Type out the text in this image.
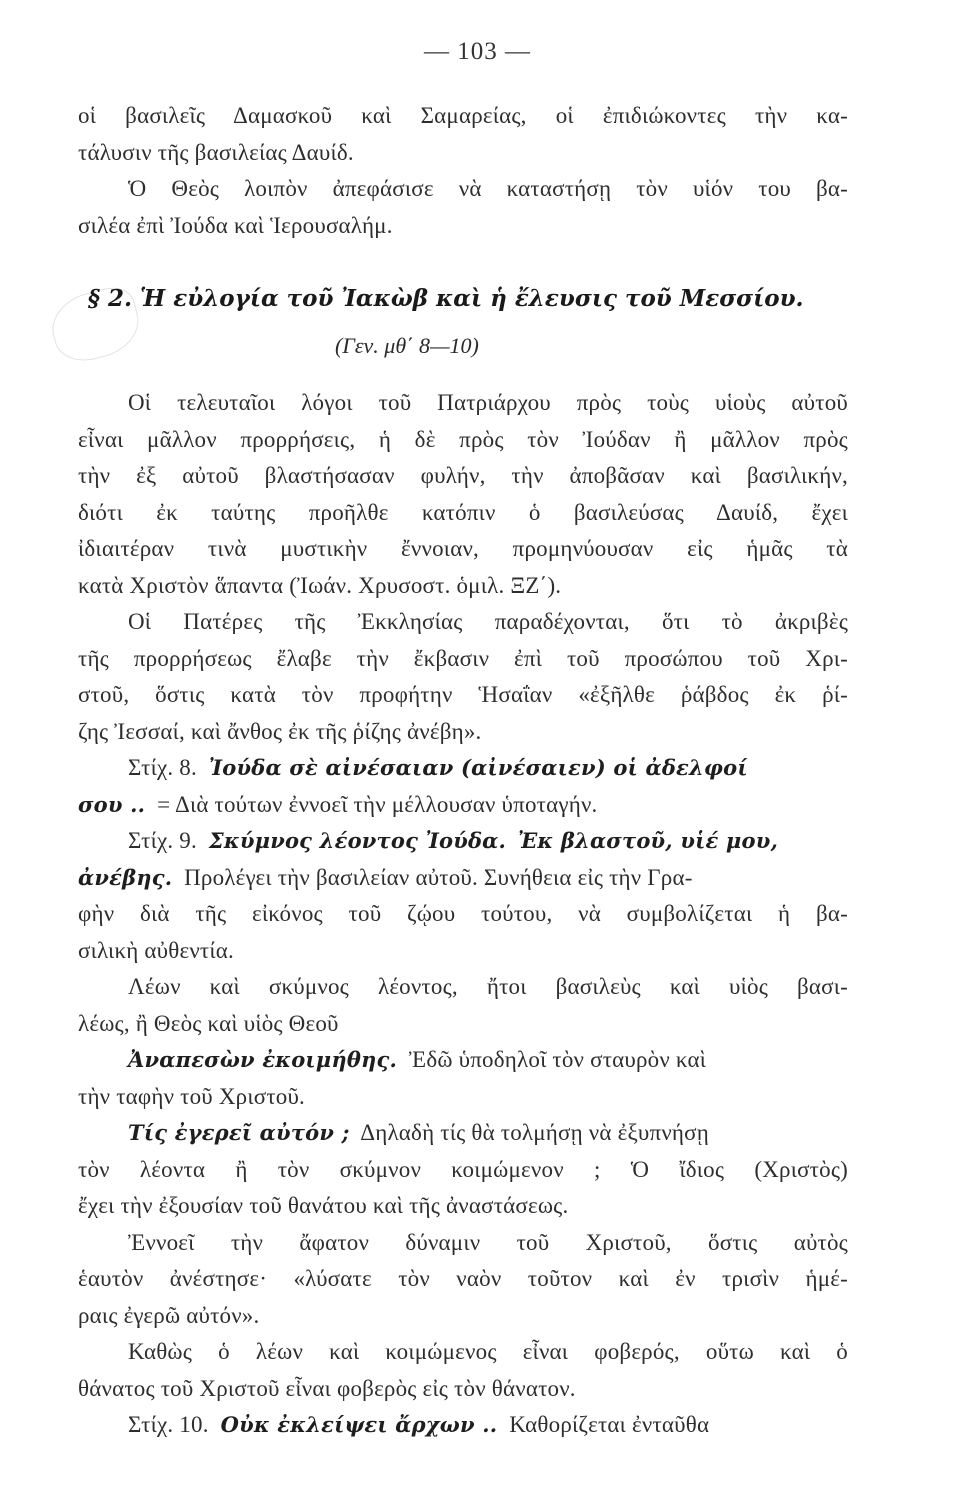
— 103 —
οἱ βασιλεῖς Δαμασκοῦ καὶ Σαμαρείας, οἱ ἐπιδιώκοντες τὴν κα-
τάλυσιν τῆς βασιλείας Δαυίδ.
Ὁ Θεὸς λοιπὸν ἀπεφάσισε νὰ καταστήσῃ τὸν υἱόν του βα-
σιλέα ἐπὶ Ἰούδα καὶ Ἱερουσαλήμ.
§ 2. Ἡ εὐλογία τοῦ Ἰακὼβ καὶ ἡ ἔλευσις τοῦ Μεσσίου.
(Γεν. μθ΄ 8—10)
Οἱ τελευταῖοι λόγοι τοῦ Πατριάρχου πρὸς τοὺς υἱοὺς αὐτοῦ
εἶναι μᾶλλον προρρήσεις, ἡ δὲ πρὸς τὸν Ἰούδαν ἢ μᾶλλον πρὸς
τὴν ἐξ αὐτοῦ βλαστήσασαν φυλήν, τὴν ἀποβᾶσαν καὶ βασιλικήν,
διότι ἐκ ταύτης προῆλθε κατόπιν ὁ βασιλεύσας Δαυίδ, ἔχει
ἰδιαιτέραν τινὰ μυστικὴν ἔννοιαν, προμηνύουσαν εἰς ἡμᾶς τὰ
κατὰ Χριστὸν ἅπαντα (Ἰωάν. Χρυσοστ. ὁμιλ. ΞΖ΄).
Οἱ Πατέρες τῆς Ἐκκλησίας παραδέχονται, ὅτι τὸ ἀκριβὲς
τῆς προρρήσεως ἔλαβε τὴν ἔκβασιν ἐπὶ τοῦ προσώπου τοῦ Χρι-
στοῦ, ὅστις κατὰ τὸν προφήτην Ἡσαΐαν «ἐξῆλθε ῥάβδος ἐκ ῥί-
ζης Ἰεσσαί, καὶ ἄνθος ἐκ τῆς ῥίζης ἀνέβη».
Στίχ. 8. Ἰούδα σὲ αἰνέσαιαν (αἰνέσαιεν) οἱ ἀδελφοί
σου .. = Διὰ τούτων ἐννοεῖ τὴν μέλλουσαν ὑποταγήν.
Στίχ. 9. Σκύμνος λέοντος Ἰούδα. Ἐκ βλαστοῦ, υἱέ μου,
ἀνέβης. Προλέγει τὴν βασιλείαν αὐτοῦ. Συνήθεια εἰς τὴν Γρα-
φὴν διὰ τῆς εἰκόνος τοῦ ζῴου τούτου, νὰ συμβολίζεται ἡ βα-
σιλικὴ αὐθεντία.
Λέων καὶ σκύμνος λέοντος, ἤτοι βασιλεὺς καὶ υἱὸς βασι-
λέως, ἢ Θεὸς καὶ υἱὸς Θεοῦ
Ἀναπεσὼν ἐκοιμήθης. Ἐδῶ ὑποδηλοῖ τὸν σταυρὸν καὶ
τὴν ταφὴν τοῦ Χριστοῦ.
Τίς ἐγερεῖ αὐτόν ; Δηλαδὴ τίς θὰ τολμήσῃ νὰ ἐξυπνήσῃ
τὸν λέοντα ἢ τὸν σκύμνον κοιμώμενον ; Ὁ ἴδιος (Χριστὸς)
ἔχει τὴν ἐξουσίαν τοῦ θανάτου καὶ τῆς ἀναστάσεως.
Ἐννοεῖ τὴν ἄφατον δύναμιν τοῦ Χριστοῦ, ὅστις αὐτὸς
ἑαυτὸν ἀνέστησε· «λύσατε τὸν ναὸν τοῦτον καὶ ἐν τρισὶν ἡμέ-
ραις ἐγερῶ αὐτόν».
Καθὼς ὁ λέων καὶ κοιμώμενος εἶναι φοβερός, οὕτω καὶ ὁ
θάνατος τοῦ Χριστοῦ εἶναι φοβερὸς εἰς τὸν θάνατον.
Στίχ. 10. Οὐκ ἐκλείψει ἄρχων .. Καθορίζεται ἐνταῦθα
